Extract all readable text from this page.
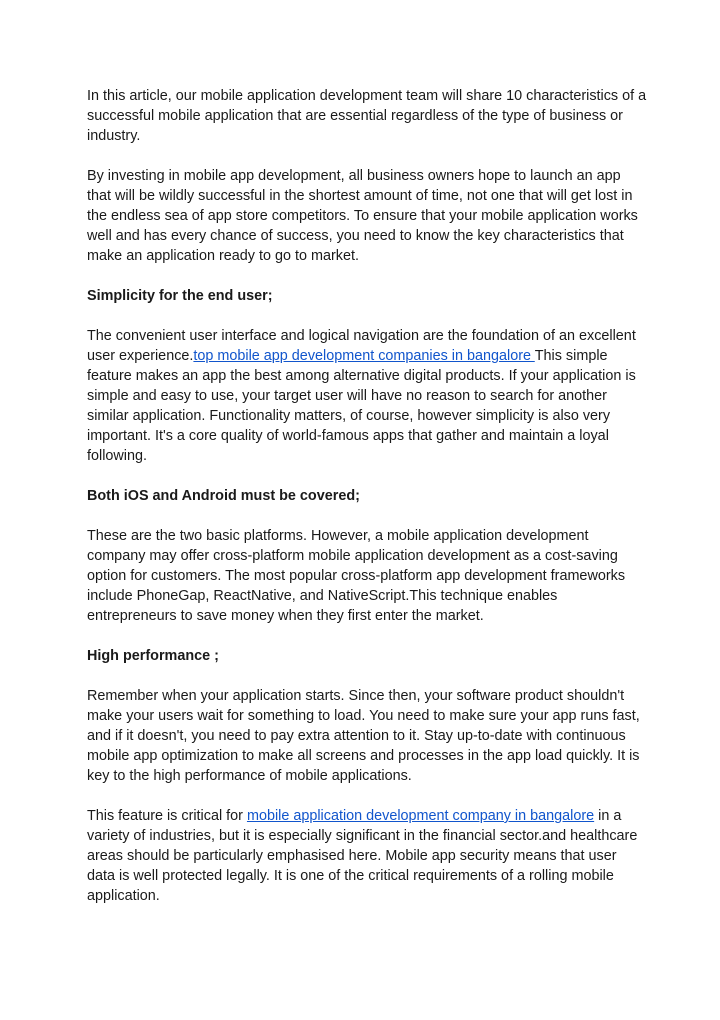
In this article, our mobile application development team will share 10 characteristics of a successful mobile application that are essential regardless of the type of business or industry.

By investing in mobile app development, all business owners hope to launch an app that will be wildly successful in the shortest amount of time, not one that will get lost in the endless sea of app store competitors. To ensure that your mobile application works well and has every chance of success, you need to know the key characteristics that make an application ready to go to market.

Simplicity for the end user;

The convenient user interface and logical navigation are the foundation of an excellent user experience.top mobile app development companies in bangalore This simple feature makes an app the best among alternative digital products. If your application is simple and easy to use, your target user will have no reason to search for another similar application. Functionality matters, of course, however simplicity is also very important. It's a core quality of world-famous apps that gather and maintain a loyal following.

Both iOS and Android must be covered;

These are the two basic platforms. However, a mobile application development company may offer cross-platform mobile application development as a cost-saving option for customers. The most popular cross-platform app development frameworks include PhoneGap, ReactNative, and NativeScript.This technique enables entrepreneurs to save money when they first enter the market.

High performance ;

Remember when your application starts. Since then, your software product shouldn't make your users wait for something to load. You need to make sure your app runs fast, and if it doesn't, you need to pay extra attention to it. Stay up-to-date with continuous mobile app optimization to make all screens and processes in the app load quickly. It is key to the high performance of mobile applications.

This feature is critical for mobile application development company in bangalore in a variety of industries, but it is especially significant in the financial sector.and healthcare areas should be particularly emphasised here. Mobile app security means that user data is well protected legally. It is one of the critical requirements of a rolling mobile application.
